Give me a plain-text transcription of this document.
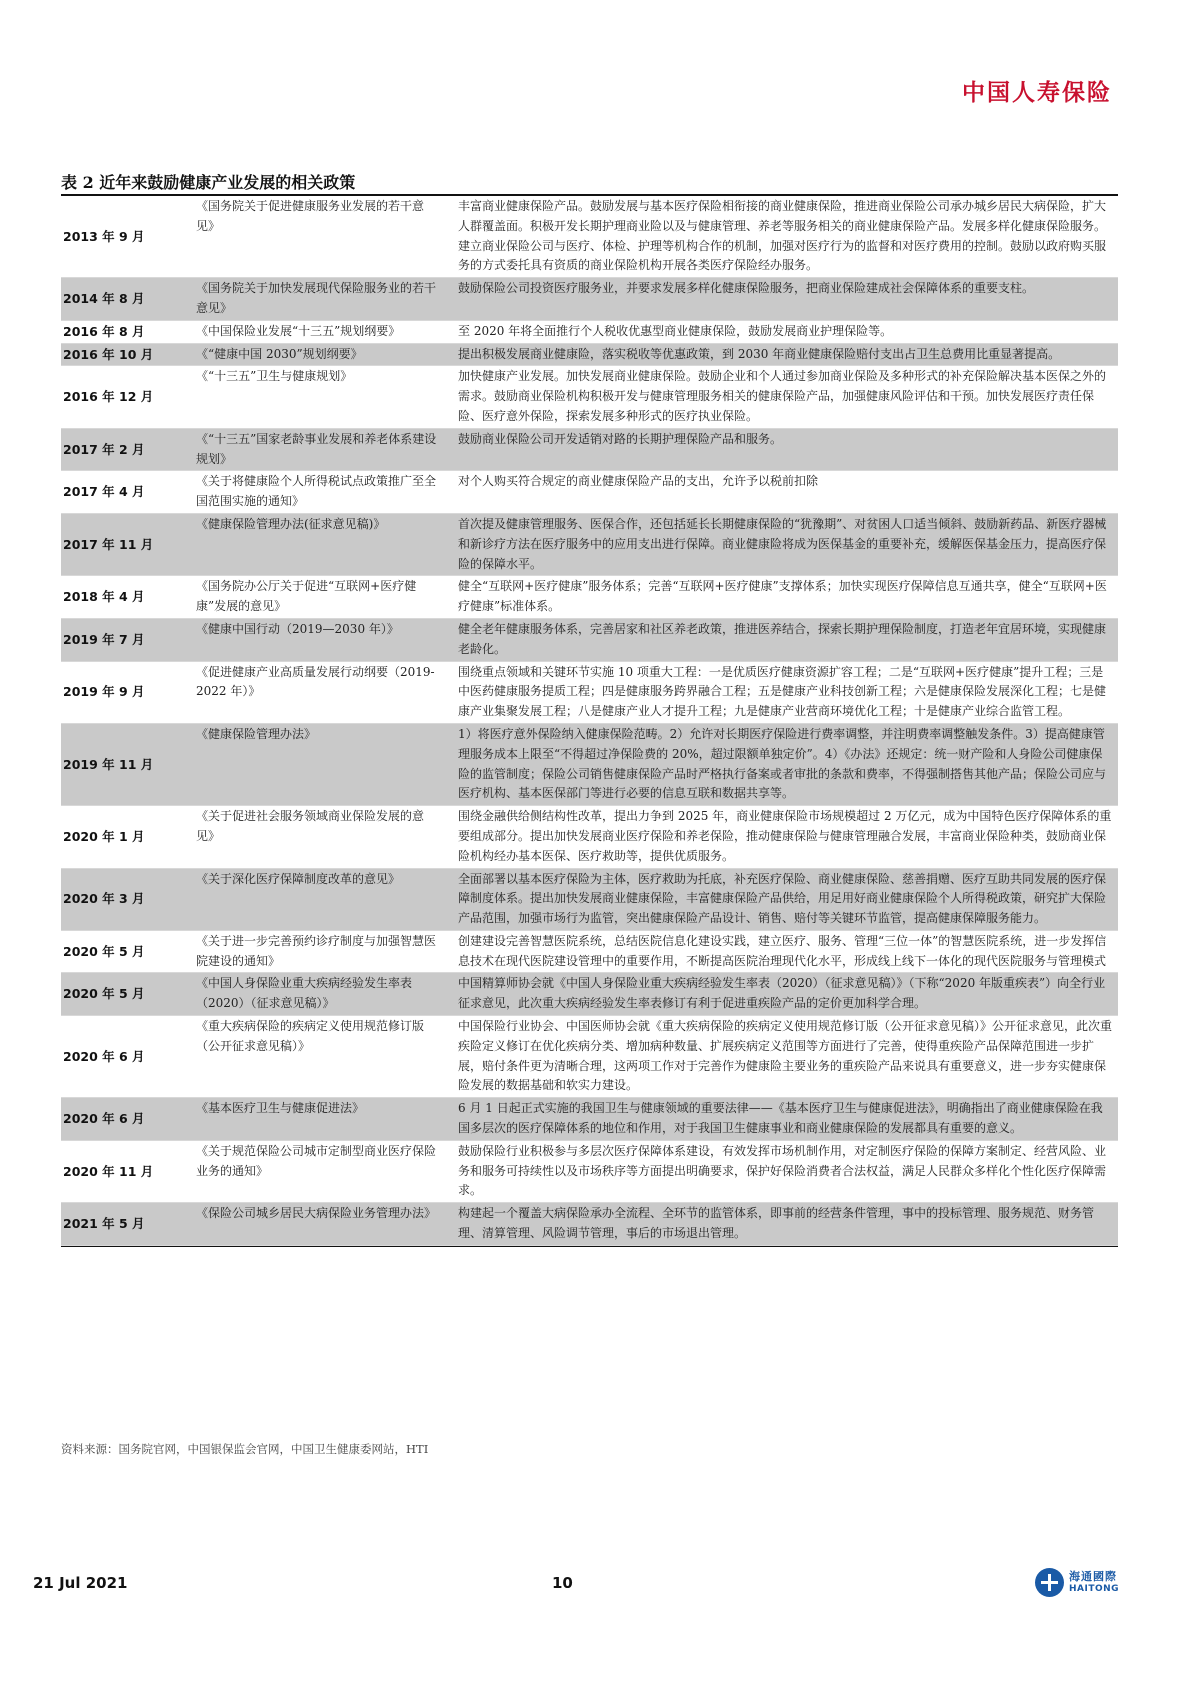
中国人寿保险
表 2 近年来鼓励健康产业发展的相关政策
2013 年 9 月	《国务院关于促进健康服务业发展的若干意见》	丰富商业健康保险产品。鼓励发展与基本医疗保险相衔接的商业健康保险，推进商业保险公司承办城乡居民大病保险，扩大人群覆盖面。积极开发长期护理商业险以及与健康管理、养老等服务相关的商业健康保险产品。发展多样化健康保险服务。建立商业保险公司与医疗、体检、护理等机构合作的机制，加强对医疗行为的监督和对医疗费用的控制。鼓励以政府购买服务的方式委托具有资质的商业保险机构开展各类医疗保险经办服务。
2014 年 8 月	《国务院关于加快发展现代保险服务业的若干意见》	鼓励保险公司投资医疗服务业，并要求发展多样化健康保险服务，把商业保险建成社会保障体系的重要支柱。
2016 年 8 月	《中国保险业发展“十三五”规划纲要》	至 2020 年将全面推行个人税收优惠型商业健康保险，鼓励发展商业护理保险等。
2016 年 10 月	《“健康中国 2030”规划纲要》	提出积极发展商业健康险，落实税收等优惠政策，到 2030 年商业健康保险赔付支出占卫生总费用比重显著提高。
2016 年 12 月	《“十三五”卫生与健康规划》	加快健康产业发展。加快发展商业健康保险。鼓励企业和个人通过参加商业保险及多种形式的补充保险解决基本医保之外的需求。鼓励商业保险机构积极开发与健康管理服务相关的健康保险产品，加强健康风险评估和干预。加快发展医疗责任保险、医疗意外保险，探索发展多种形式的医疗执业保险。
2017 年 2 月	《“十三五”国家老龄事业发展和养老体系建设规划》	鼓励商业保险公司开发适销对路的长期护理保险产品和服务。
2017 年 4 月	《关于将健康险个人所得税试点政策推广至全国范围实施的通知》	对个人购买符合规定的商业健康保险产品的支出，允许予以税前扣除
2017 年 11 月	《健康保险管理办法(征求意见稿)》	首次提及健康管理服务、医保合作，还包括延长长期健康保险的“犹豫期”、对贫困人口适当倾斜、鼓励新药品、新医疗器械和新诊疗方法在医疗服务中的应用支出进行保障。商业健康险将成为医保基金的重要补充，缓解医保基金压力，提高医疗保险的保障水平。
2018 年 4 月	《国务院办公厅关于促进“互联网+医疗健康”发展的意见》	健全“互联网+医疗健康”服务体系；完善“互联网+医疗健康”支撑体系；加快实现医疗保障信息互通共享，健全“互联网+医疗健康”标准体系。
2019 年 7 月	《健康中国行动（2019—2030 年）》	健全老年健康服务体系，完善居家和社区养老政策，推进医养结合，探索长期护理保险制度，打造老年宜居环境，实现健康老龄化。
2019 年 9 月	《促进健康产业高质量发展行动纲要（2019-2022 年）》	围绕重点领域和关键环节实施 10 项重大工程：一是优质医疗健康资源扩容工程；二是“互联网+医疗健康”提升工程；三是中医药健康服务提质工程；四是健康服务跨界融合工程；五是健康产业科技创新工程；六是健康保险发展深化工程；七是健康产业集聚发展工程；八是健康产业人才提升工程；九是健康产业营商环境优化工程；十是健康产业综合监管工程。
2019 年 11 月	《健康保险管理办法》	1）将医疗意外保险纳入健康保险范畴。2）允许对长期医疗保险进行费率调整，并注明费率调整触发条件。3）提高健康管理服务成本上限至“不得超过净保险费的 20%，超过限额单独定价”。4）《办法》还规定：统一财产险和人身险公司健康保险的监管制度；保险公司销售健康保险产品时严格执行备案或者审批的条款和费率，不得强制搭售其他产品；保险公司应与医疗机构、基本医保部门等进行必要的信息互联和数据共享等。
2020 年 1 月	《关于促进社会服务领域商业保险发展的意见》	围绕金融供给侧结构性改革，提出力争到 2025 年，商业健康保险市场规模超过 2 万亿元，成为中国特色医疗保障体系的重要组成部分。提出加快发展商业医疗保险和养老保险，推动健康保险与健康管理融合发展，丰富商业保险种类，鼓励商业保险机构经办基本医保、医疗救助等，提供优质服务。
2020 年 3 月	《关于深化医疗保障制度改革的意见》	全面部署以基本医疗保险为主体，医疗救助为托底，补充医疗保险、商业健康保险、慈善捐赠、医疗互助共同发展的医疗保障制度体系。提出加快发展商业健康保险，丰富健康保险产品供给，用足用好商业健康保险个人所得税政策，研究扩大保险产品范围，加强市场行为监管，突出健康保险产品设计、销售、赔付等关键环节监管，提高健康保障服务能力。
2020 年 5 月	《关于进一步完善预约诊疗制度与加强智慧医院建设的通知》	创建建设完善智慧医院系统，总结医院信息化建设实践，建立医疗、服务、管理“三位一体”的智慧医院系统，进一步发挥信息技术在现代医院建设管理中的重要作用，不断提高医院治理现代化水平，形成线上线下一体化的现代医院服务与管理模式
2020 年 5 月	《中国人身保险业重大疾病经验发生率表（2020）（征求意见稿）》	中国精算师协会就《中国人身保险业重大疾病经验发生率表（2020）（征求意见稿）》（下称“2020 年版重疾表”）向全行业征求意见，此次重大疾病经验发生率表修订有利于促进重疾险产品的定价更加科学合理。
2020 年 6 月	《重大疾病保险的疾病定义使用规范修订版（公开征求意见稿）》	中国保险行业协会、中国医师协会就《重大疾病保险的疾病定义使用规范修订版（公开征求意见稿）》公开征求意见，此次重疾险定义修订在优化疾病分类、增加病种数量、扩展疾病定义范围等方面进行了完善，使得重疾险产品保障范围进一步扩展，赔付条件更为清晰合理，这两项工作对于完善作为健康险主要业务的重疾险产品来说具有重要意义，进一步夯实健康保险发展的数据基础和软实力建设。
2020 年 6 月	《基本医疗卫生与健康促进法》	6 月 1 日起正式实施的我国卫生与健康领域的重要法律——《基本医疗卫生与健康促进法》，明确指出了商业健康保险在我国多层次的医疗保障体系的地位和作用，对于我国卫生健康事业和商业健康保险的发展都具有重要的意义。
2020 年 11 月	《关于规范保险公司城市定制型商业医疗保险业务的通知》	鼓励保险行业积极参与多层次医疗保障体系建设，有效发挥市场机制作用，对定制医疗保险的保障方案制定、经营风险、业务和服务可持续性以及市场秩序等方面提出明确要求，保护好保险消费者合法权益，满足人民群众多样化个性化医疗保障需求。
2021 年 5 月	《保险公司城乡居民大病保险业务管理办法》	构建起一个覆盖大病保险承办全流程、全环节的监管体系，即事前的经营条件管理，事中的投标管理、服务规范、财务管理、清算管理、风险调节管理，事后的市场退出管理。
资料来源：国务院官网，中国银保监会官网，中国卫生健康委网站，HTI
21 Jul 2021	10	海通國際
HAITONG
